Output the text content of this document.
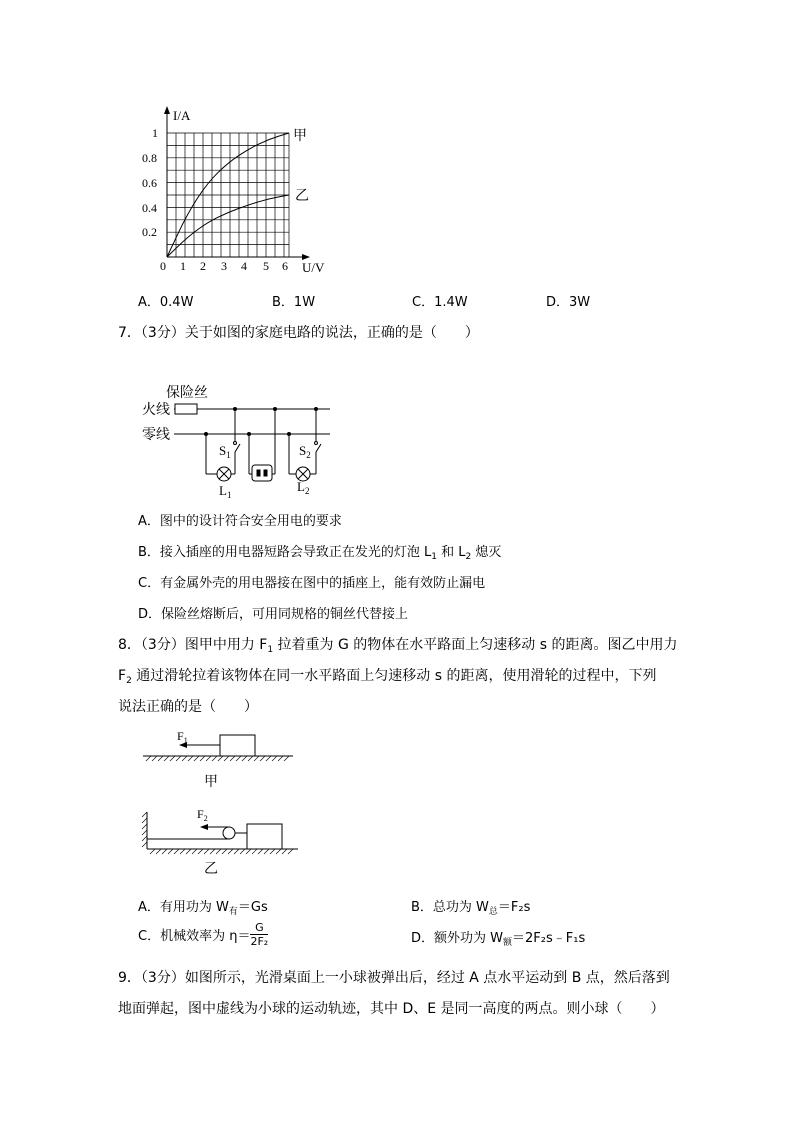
I/A
U/V
1
0.8
0.6
0.4
0.2
0 1 2 3 4 5 6
甲
乙
A．0.4W	B．1W	C．1.4W	D．3W
7．（3分）关于如图的家庭电路的说法，正确的是（　　）
保险丝
火线
零线
$S_1$	$S_2$
$L_1$
$L_2$
A．图中的设计符合安全用电的要求
B．接入插座的用电器短路会导致正在发光的灯泡 $L_1$ 和 $L_2$ 熄灭
C．有金属外壳的用电器接在图中的插座上，能有效防止漏电
D．保险丝熔断后，可用同规格的铜丝代替接上
8．（3分）图甲中用力 $F_1$ 拉着重为 G 的物体在水平路面上匀速移动 s 的距离。图乙中用力
$F_2$ 通过滑轮拉着该物体在同一水平路面上匀速移动 s 的距离，使用滑轮的过程中，下列
说法正确的是（　　）
$F_1$
甲
$F_2$
乙
A．有用功为 $W_有=Gs$	B．总功为 $W_总=F_2s$
C．机械效率为 $\eta= \frac{G}{\text{2F₂}}$	D．额外功为 $W_额=2F_2s﹣F_1s$
9．（3分）如图所示，光滑桌面上一小球被弹出后，经过 A 点水平运动到 B 点，然后落到
地面弹起，图中虚线为小球的运动轨迹，其中 D、E 是同一高度的两点。则小球（　　）
